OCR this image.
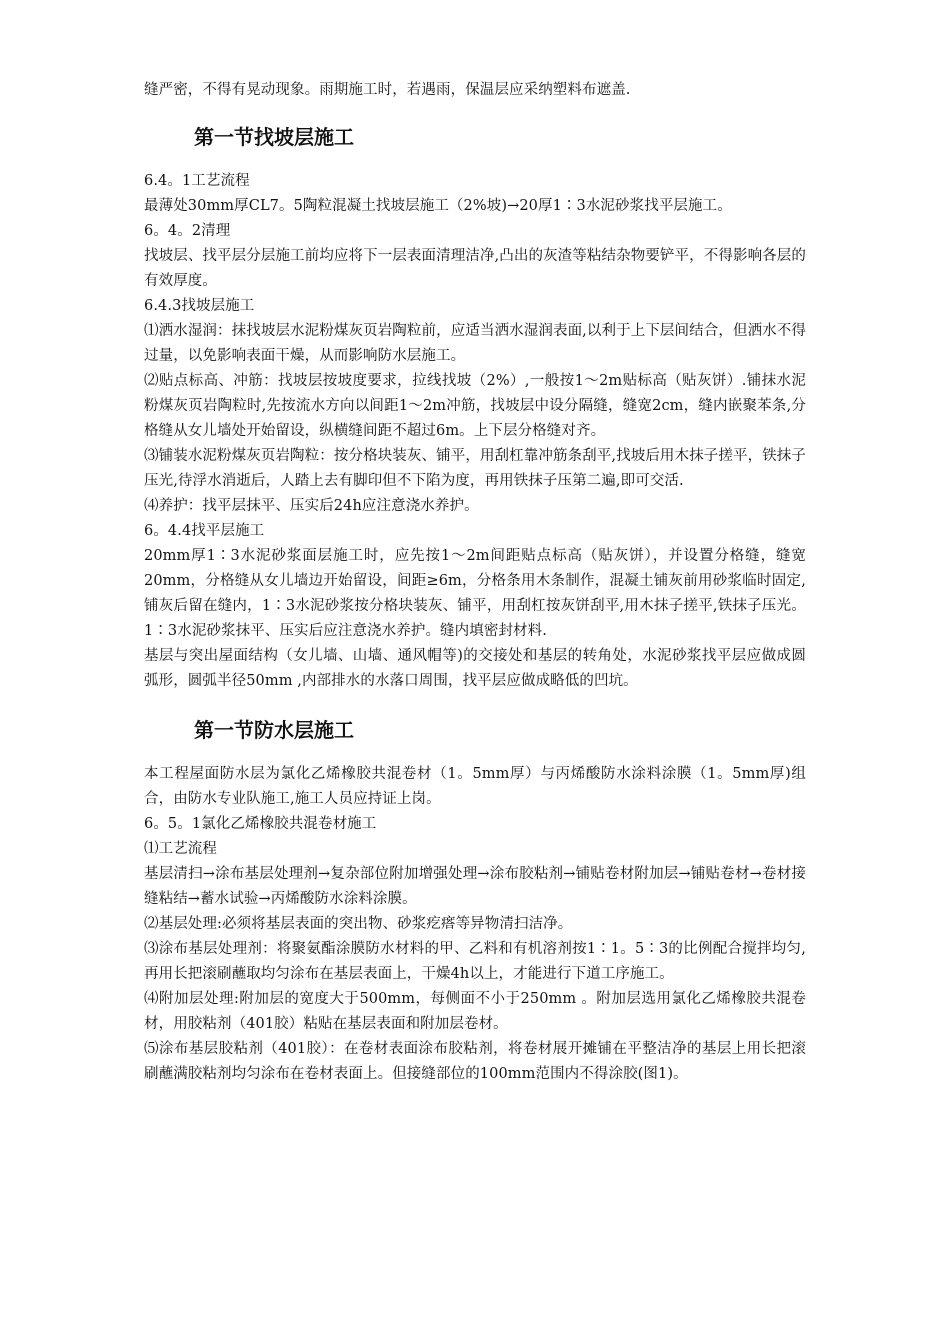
缝严密，不得有晃动现象。雨期施工时，若遇雨，保温层应采纳塑料布遮盖.

第一节找坡层施工

6.4。1工艺流程

最薄处30mm厚CL7。5陶粒混凝土找坡层施工（2%坡)→20厚1∶3水泥砂浆找平层施工。

6。4。2清理

找坡层、找平层分层施工前均应将下一层表面清理洁净,凸出的灰渣等粘结杂物要铲平，不得影响各层的有效厚度。

6.4.3找坡层施工

⑴洒水湿润：抹找坡层水泥粉煤灰页岩陶粒前，应适当洒水湿润表面,以利于上下层间结合，但洒水不得过量，以免影响表面干燥，从而影响防水层施工。

⑵贴点标高、冲筋：找坡层按坡度要求，拉线找坡（2%）,一般按1～2m贴标高（贴灰饼）.铺抹水泥粉煤灰页岩陶粒时,先按流水方向以间距1～2m冲筋，找坡层中设分隔缝，缝宽2cm，缝内嵌聚苯条,分格缝从女儿墙处开始留设，纵横缝间距不超过6m。上下层分格缝对齐。

⑶铺装水泥粉煤灰页岩陶粒：按分格块装灰、铺平，用刮杠靠冲筋条刮平,找坡后用木抹子搓平，铁抹子压光,待浮水消逝后，人踏上去有脚印但不下陷为度，再用铁抹子压第二遍,即可交活.

⑷养护：找平层抹平、压实后24h应注意浇水养护。

6。4.4找平层施工

20mm厚1∶3水泥砂浆面层施工时，应先按1～2m间距贴点标高（贴灰饼），并设置分格缝，缝宽20mm，分格缝从女儿墙边开始留设，间距≥6m，分格条用木条制作，混凝土铺灰前用砂浆临时固定,铺灰后留在缝内，1∶3水泥砂浆按分格块装灰、铺平，用刮杠按灰饼刮平,用木抹子搓平,铁抹子压光。1∶3水泥砂浆抹平、压实后应注意浇水养护。缝内填密封材料.

基层与突出屋面结构（女儿墙、山墙、通风帽等)的交接处和基层的转角处，水泥砂浆找平层应做成圆弧形，圆弧半径50mm ,内部排水的水落口周围，找平层应做成略低的凹坑。

第一节防水层施工

本工程屋面防水层为氯化乙烯橡胶共混卷材（1。5mm厚）与丙烯酸防水涂料涂膜（1。5mm厚)组合，由防水专业队施工,施工人员应持证上岗。

6。5。1氯化乙烯橡胶共混卷材施工

⑴工艺流程

基层清扫→涂布基层处理剂→复杂部位附加增强处理→涂布胶粘剂→铺贴卷材附加层→铺贴卷材→卷材接缝粘结→蓄水试验→丙烯酸防水涂料涂膜。

⑵基层处理:必须将基层表面的突出物、砂浆疙瘩等异物清扫洁净。

⑶涂布基层处理剂：将聚氨酯涂膜防水材料的甲、乙料和有机溶剂按1∶1。5∶3的比例配合搅拌均匀,再用长把滚刷蘸取均匀涂布在基层表面上，干燥4h以上，才能进行下道工序施工。

⑷附加层处理:附加层的宽度大于500mm，每侧面不小于250mm 。附加层选用氯化乙烯橡胶共混卷材，用胶粘剂（401胶）粘贴在基层表面和附加层卷材。

⑸涂布基层胶粘剂（401胶）：在卷材表面涂布胶粘剂，将卷材展开摊铺在平整洁净的基层上用长把滚刷蘸满胶粘剂均匀涂布在卷材表面上。但接缝部位的100mm范围内不得涂胶(图1)。
